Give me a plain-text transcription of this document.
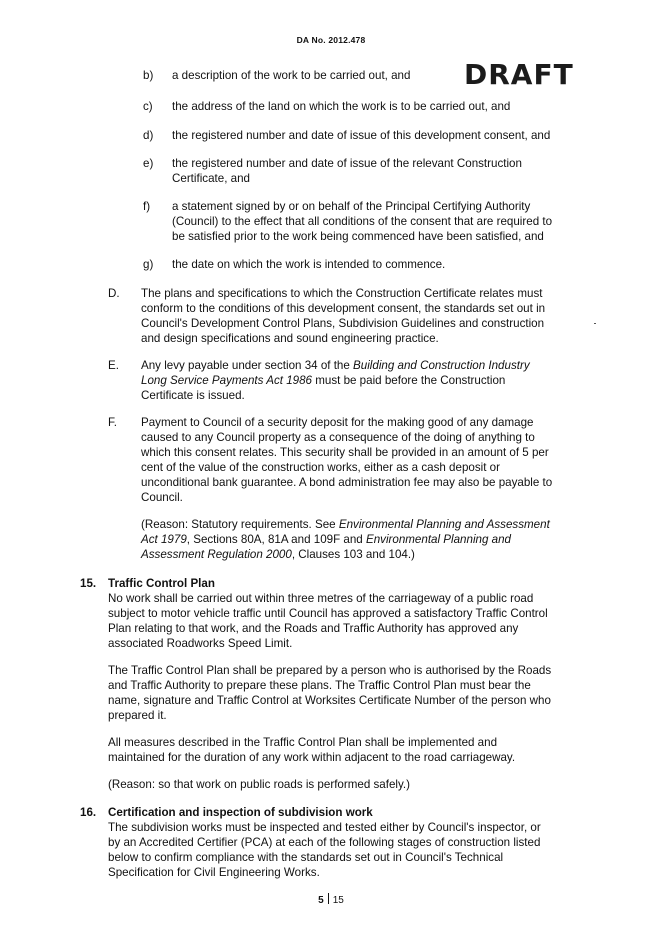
DA No. 2012.478
DRAFT
b)	a description of the work to be carried out, and
c)	the address of the land on which the work is to be carried out, and
d)	the registered number and date of issue of this development consent, and
e)	the registered number and date of issue of the relevant Construction
Certificate, and
f)	a statement signed by or on behalf of the Principal Certifying Authority
(Council) to the effect that all conditions of the consent that are required to
be satisfied prior to the work being commenced have been satisfied, and
g)	the date on which the work is intended to commence.
D.	The plans and specifications to which the Construction Certificate relates must
conform to the conditions of this development consent, the standards set out in
Council's Development Control Plans, Subdivision Guidelines and construction
and design specifications and sound engineering practice.
E.	Any levy payable under section 34 of the Building and Construction Industry
Long Service Payments Act 1986 must be paid before the Construction
Certificate is issued.
F.	Payment to Council of a security deposit for the making good of any damage
caused to any Council property as a consequence of the doing of anything to
which this consent relates. This security shall be provided in an amount of 5 per
cent of the value of the construction works, either as a cash deposit or
unconditional bank guarantee. A bond administration fee may also be payable to
Council.
(Reason: Statutory requirements. See Environmental Planning and Assessment
Act 1979, Sections 80A, 81A and 109F and Environmental Planning and
Assessment Regulation 2000, Clauses 103 and 104.)
15. Traffic Control Plan
No work shall be carried out within three metres of the carriageway of a public road
subject to motor vehicle traffic until Council has approved a satisfactory Traffic Control
Plan relating to that work, and the Roads and Traffic Authority has approved any
associated Roadworks Speed Limit.
The Traffic Control Plan shall be prepared by a person who is authorised by the Roads
and Traffic Authority to prepare these plans. The Traffic Control Plan must bear the
name, signature and Traffic Control at Worksites Certificate Number of the person who
prepared it.
All measures described in the Traffic Control Plan shall be implemented and
maintained for the duration of any work within adjacent to the road carriageway.
(Reason: so that work on public roads is performed safely.)
16. Certification and inspection of subdivision work
The subdivision works must be inspected and tested either by Council's inspector, or
by an Accredited Certifier (PCA) at each of the following stages of construction listed
below to confirm compliance with the standards set out in Council's Technical
Specification for Civil Engineering Works.
5 15
